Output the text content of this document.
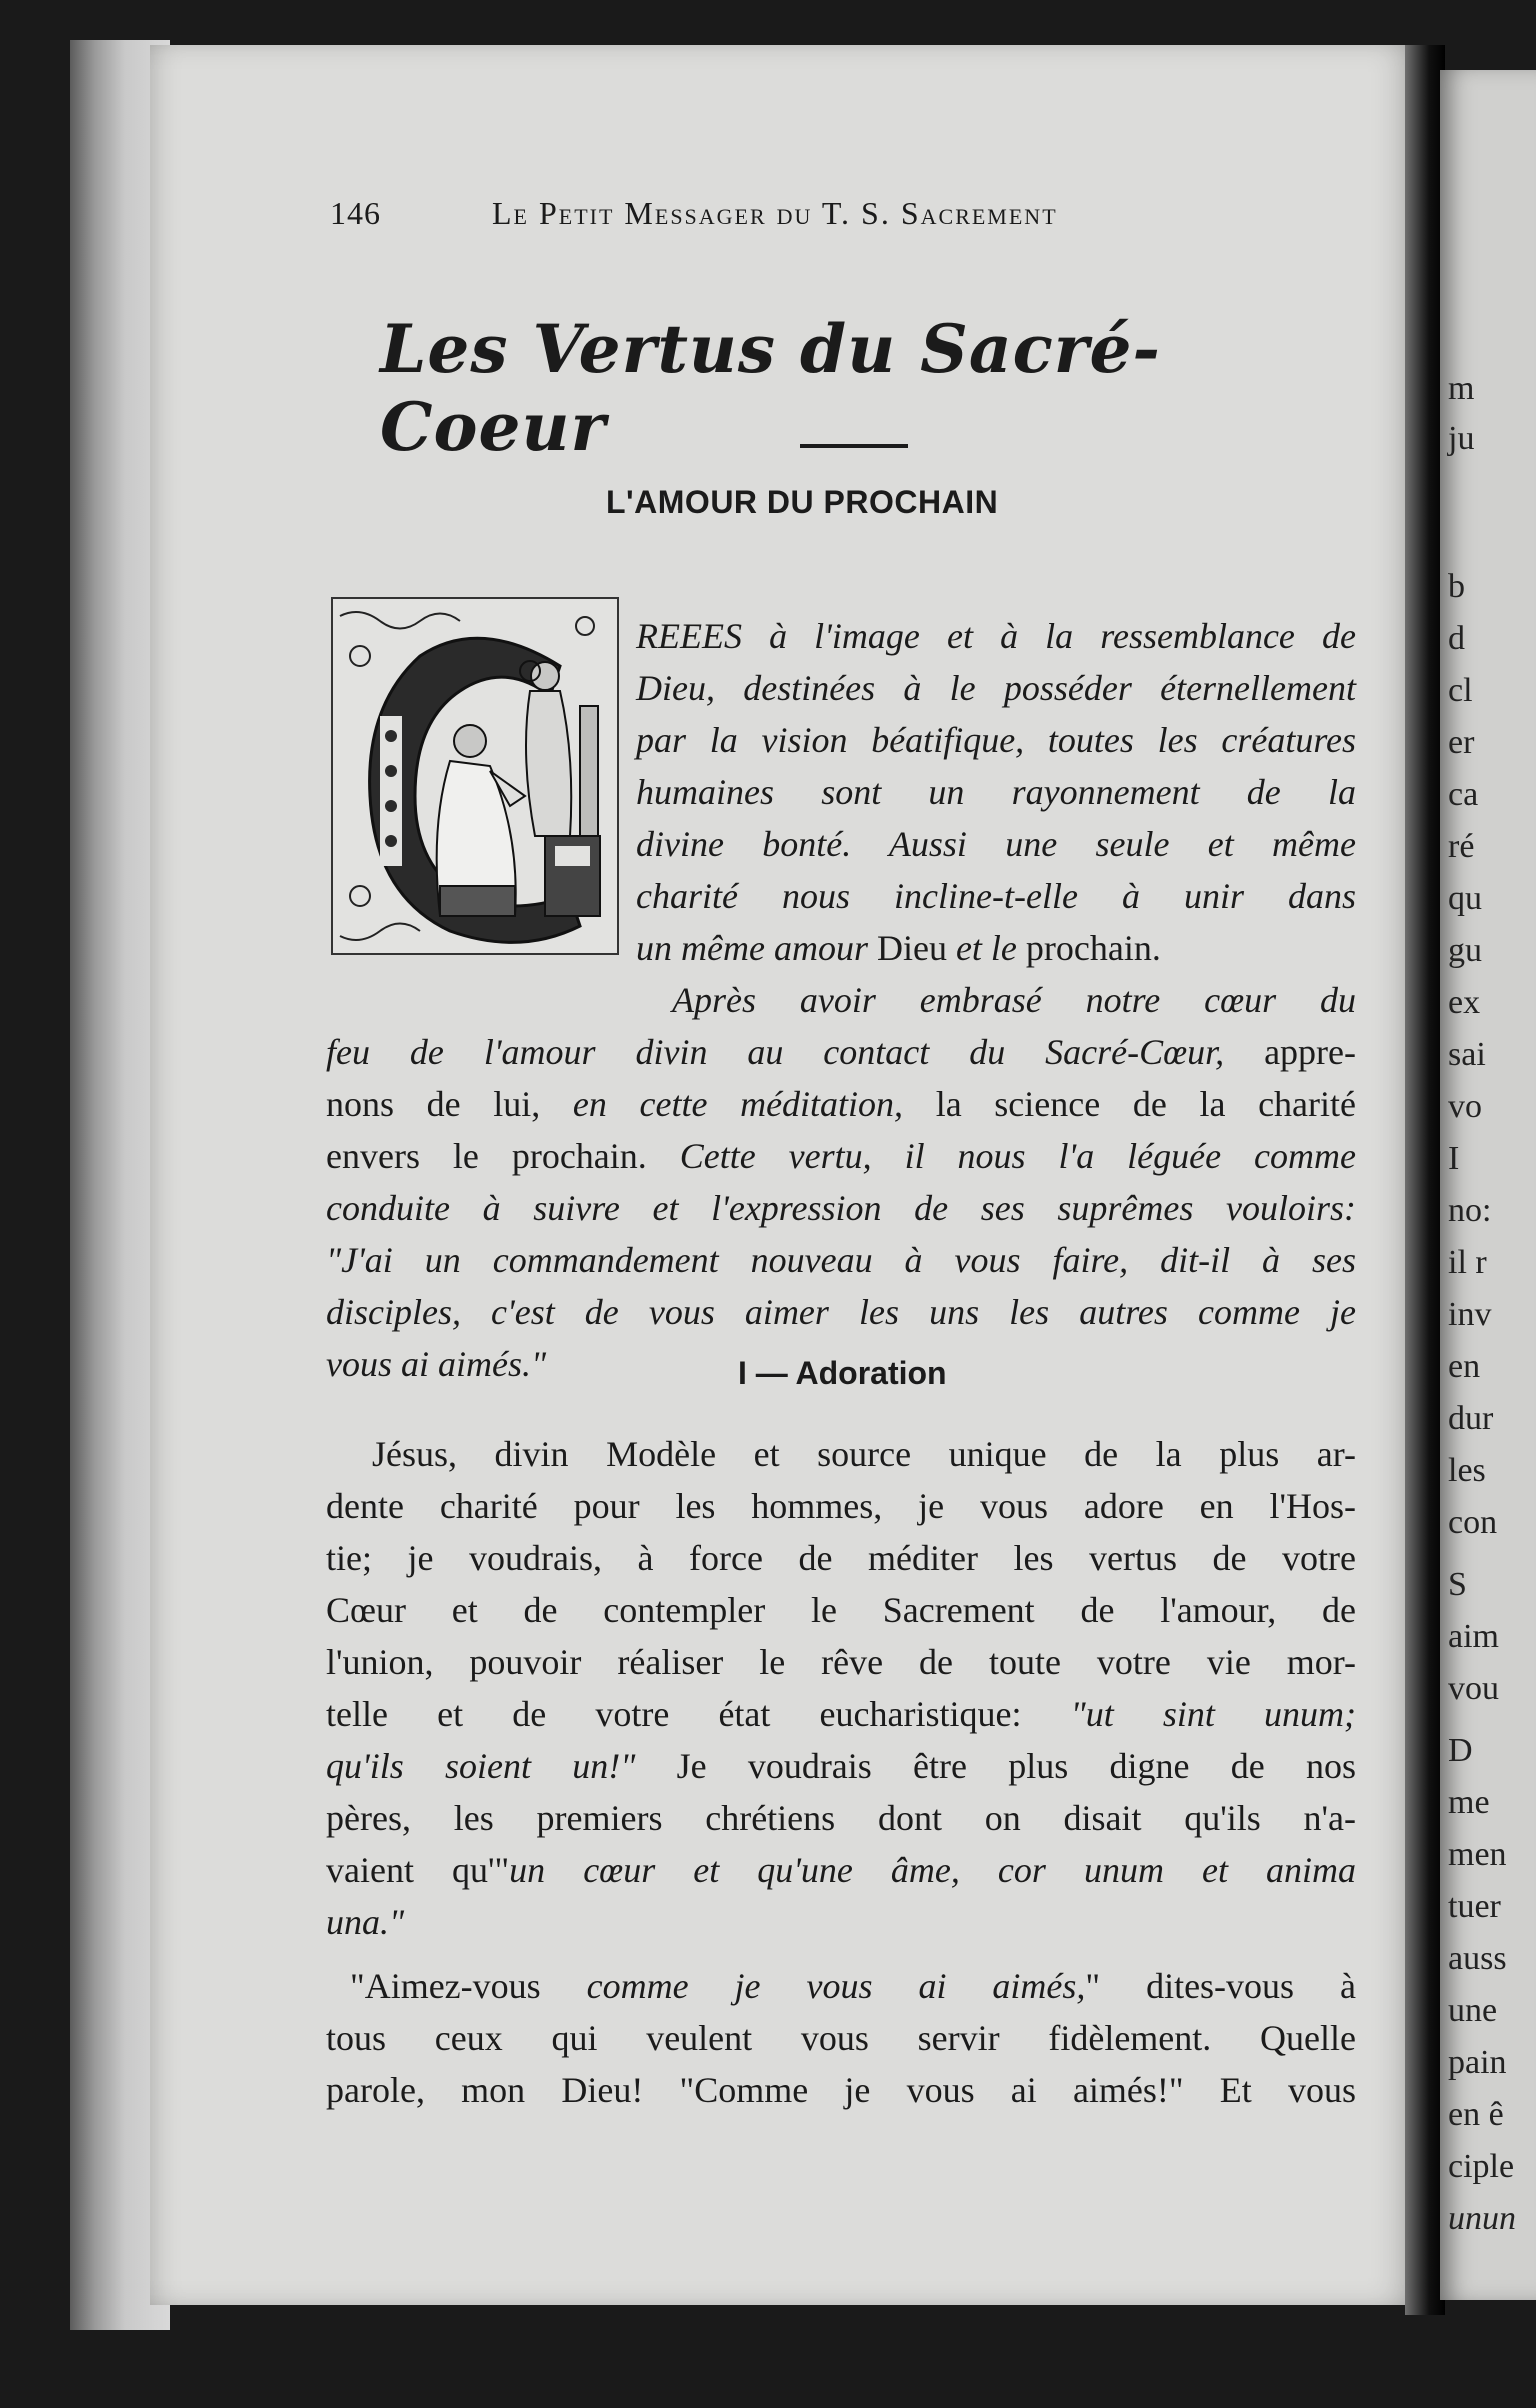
m
ju
b
d
cl
er
ca
ré
qu
gu
ex
sai
vo
I
no:
il r
inv
en
dur
les
con
S
aim
vou
D
me
men
tuer
auss
une
pain
en ê
ciple
unun
146	Le Petit Messager du T. S. Sacrement
Les Vertus du Sacré-Coeur
L'AMOUR DU PROCHAIN
REEES à l'image et à la ressemblance de
Dieu, destinées à le posséder éternellement
par la vision béatifique, toutes les créatures
humaines sont un rayonnement de la
divine bonté. Aussi une seule et même
charité nous incline-t-elle à unir dans
un même amour Dieu et le prochain.
Après avoir embrasé notre cœur du
feu de l'amour divin au contact du Sacré-Cœur, appre-
nons de lui, en cette méditation, la science de la charité
envers le prochain. Cette vertu, il nous l'a léguée comme
conduite à suivre et l'expression de ses suprêmes vouloirs:
"J'ai un commandement nouveau à vous faire, dit-il à ses
disciples, c'est de vous aimer les uns les autres comme je
vous ai aimés."	I — Adoration
Jésus, divin Modèle et source unique de la plus ar-
dente charité pour les hommes, je vous adore en l'Hos-
tie; je voudrais, à force de méditer les vertus de votre
Cœur et de contempler le Sacrement de l'amour, de
l'union, pouvoir réaliser le rêve de toute votre vie mor-
telle et de votre état eucharistique: "ut sint unum;
qu'ils soient un!" Je voudrais être plus digne de nos
pères, les premiers chrétiens dont on disait qu'ils n'a-
vaient qu'"un cœur et qu'une âme, cor unum et anima
una."
"Aimez-vous comme je vous ai aimés," dites-vous à
tous ceux qui veulent vous servir fidèlement. Quelle
parole, mon Dieu! "Comme je vous ai aimés!" Et vous
